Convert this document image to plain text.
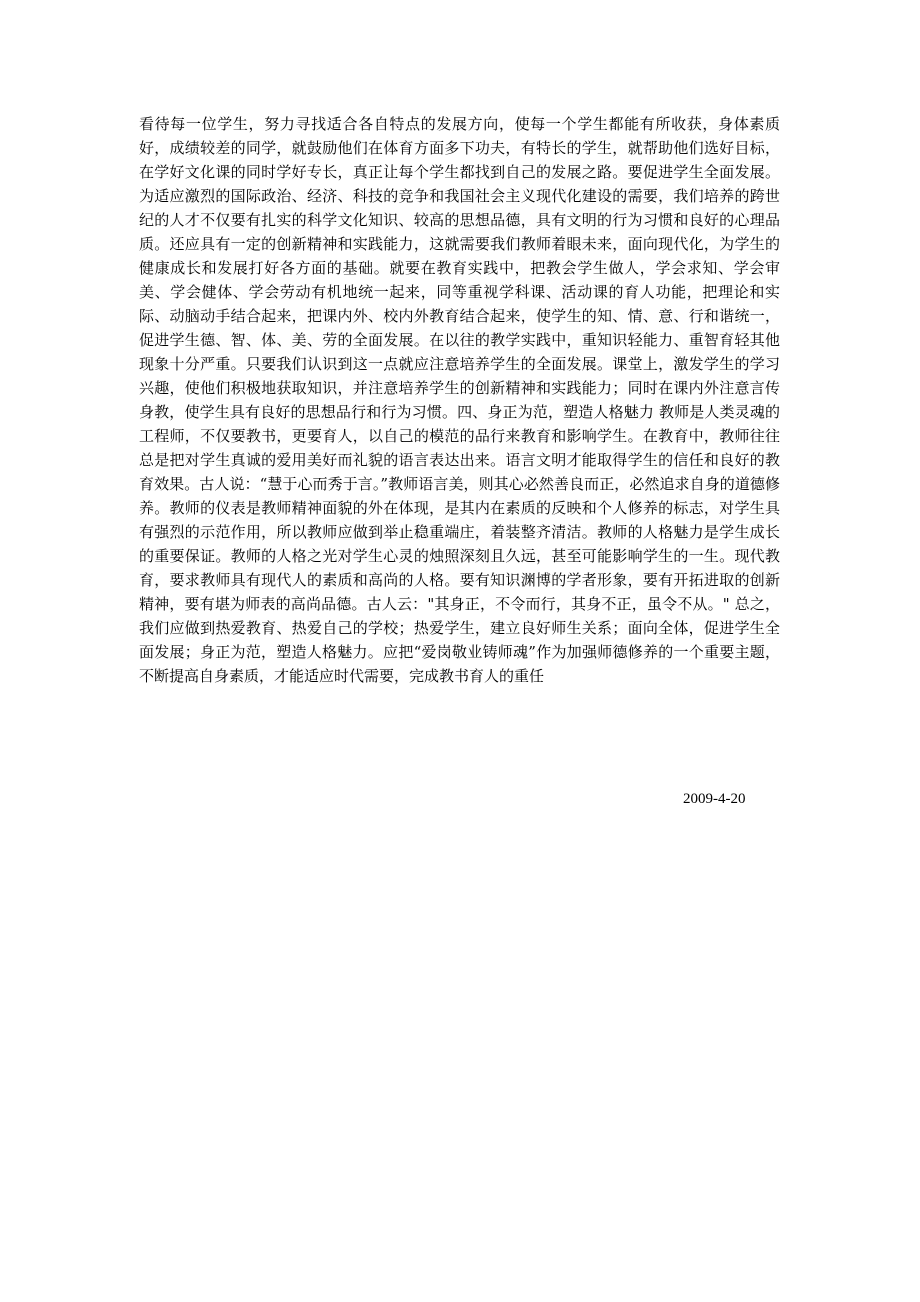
看待每一位学生，努力寻找适合各自特点的发展方向，使每一个学生都能有所收获，身体素质好，成绩较差的同学，就鼓励他们在体育方面多下功夫，有特长的学生，就帮助他们选好目标，在学好文化课的同时学好专长，真正让每个学生都找到自己的发展之路。要促进学生全面发展。为适应激烈的国际政治、经济、科技的竞争和我国社会主义现代化建设的需要，我们培养的跨世纪的人才不仅要有扎实的科学文化知识、较高的思想品德，具有文明的行为习惯和良好的心理品质。还应具有一定的创新精神和实践能力，这就需要我们教师着眼未来，面向现代化，为学生的健康成长和发展打好各方面的基础。就要在教育实践中，把教会学生做人，学会求知、学会审美、学会健体、学会劳动有机地统一起来，同等重视学科课、活动课的育人功能，把理论和实际、动脑动手结合起来，把课内外、校内外教育结合起来，使学生的知、情、意、行和谐统一，促进学生德、智、体、美、劳的全面发展。在以往的教学实践中，重知识轻能力、重智育轻其他现象十分严重。只要我们认识到这一点就应注意培养学生的全面发展。课堂上，激发学生的学习兴趣，使他们积极地获取知识，并注意培养学生的创新精神和实践能力；同时在课内外注意言传身教，使学生具有良好的思想品行和行为习惯。四、身正为范，塑造人格魅力 教师是人类灵魂的工程师，不仅要教书，更要育人，以自己的模范的品行来教育和影响学生。在教育中，教师往往总是把对学生真诚的爱用美好而礼貌的语言表达出来。语言文明才能取得学生的信任和良好的教育效果。古人说：“慧于心而秀于言。”教师语言美，则其心必然善良而正，必然追求自身的道德修养。教师的仪表是教师精神面貌的外在体现，是其内在素质的反映和个人修养的标志，对学生具有强烈的示范作用，所以教师应做到举止稳重端庄，着装整齐清洁。教师的人格魅力是学生成长的重要保证。教师的人格之光对学生心灵的烛照深刻且久远，甚至可能影响学生的一生。现代教育，要求教师具有现代人的素质和高尚的人格。要有知识渊博的学者形象，要有开拓进取的创新精神，要有堪为师表的高尚品德。古人云："其身正，不令而行，其身不正，虽令不从。" 总之，我们应做到热爱教育、热爱自己的学校；热爱学生，建立良好师生关系；面向全体，促进学生全面发展；身正为范，塑造人格魅力。应把“爱岗敬业铸师魂”作为加强师德修养的一个重要主题，不断提高自身素质，才能适应时代需要，完成教书育人的重任

2009-4-20
